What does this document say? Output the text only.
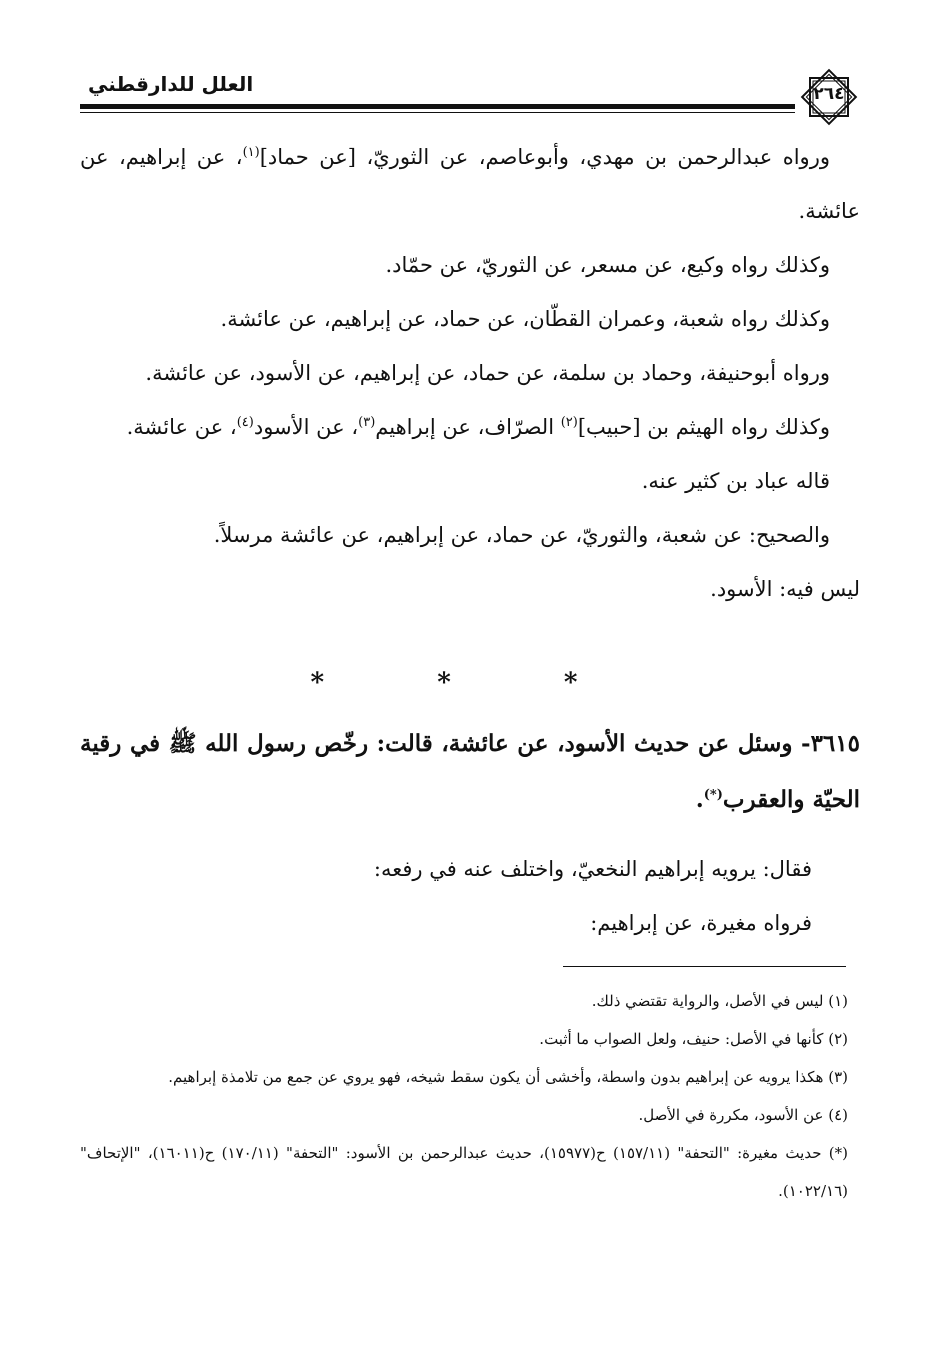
العلل للدارقطني	٢٦٤

ورواه عبدالرحمن بن مهدي، وأبوعاصم، عن الثوريّ، [عن حماد]$^{(١)}$، عن إبراهيم، عن عائشة.

وكذلك رواه وكيع، عن مسعر، عن الثوريّ، عن حمّاد.

وكذلك رواه شعبة، وعمران القطّان، عن حماد، عن إبراهيم، عن عائشة.

ورواه أبوحنيفة، وحماد بن سلمة، عن حماد، عن إبراهيم، عن الأسود، عن عائشة.

وكذلك رواه الهيثم بن [حبيب]$^{(٢)}$ الصرّاف، عن إبراهيم$^{(٣)}$، عن الأسود$^{(٤)}$، عن عائشة.

قاله عباد بن كثير عنه.

والصحيح: عن شعبة، والثوريّ، عن حماد، عن إبراهيم، عن عائشة مرسلاً.

ليس فيه: الأسود.

* * *
٣٦١٥- وسئل عن حديث الأسود، عن عائشة، قالت: رخّص رسول الله ﷺ في رقية الحيّة والعقرب(*).

فقال: يرويه إبراهيم النخعيّ، واختلف عنه في رفعه:

فرواه مغيرة، عن إبراهيم:

(١) ليس في الأصل، والرواية تقتضي ذلك.

(٢) كأنها في الأصل: حنيف، ولعل الصواب ما أثبت.

(٣) هكذا يرويه عن إبراهيم بدون واسطة، وأخشى أن يكون سقط شيخه، فهو يروي عن جمع من تلامذة إبراهيم.

(٤) عن الأسود، مكررة في الأصل.

(*) حديث مغيرة: "التحفة" (١٥٧/١١) ح(١٥٩٧٧)، حديث عبدالرحمن بن الأسود: "التحفة" (١٧٠/١١) ح(١٦٠١١)، "الإتحاف" (١٠٢٢/١٦).
